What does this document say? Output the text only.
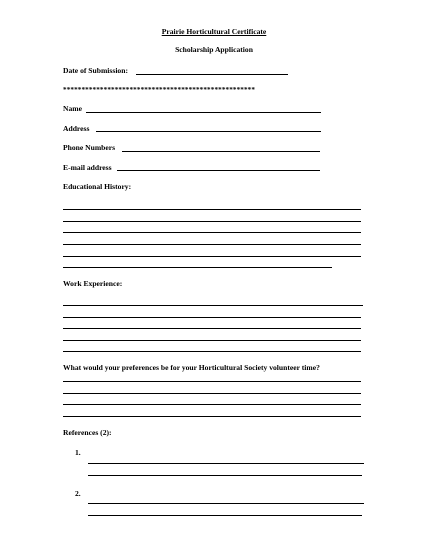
Prairie Horticultural Certificate
Scholarship Application
Date of Submission:
****************************************************
Name
Address
Phone Numbers
E-mail address
Educational History:
Work Experience:
What would your preferences be for your Horticultural Society volunteer time?
References (2):
1.
2.
